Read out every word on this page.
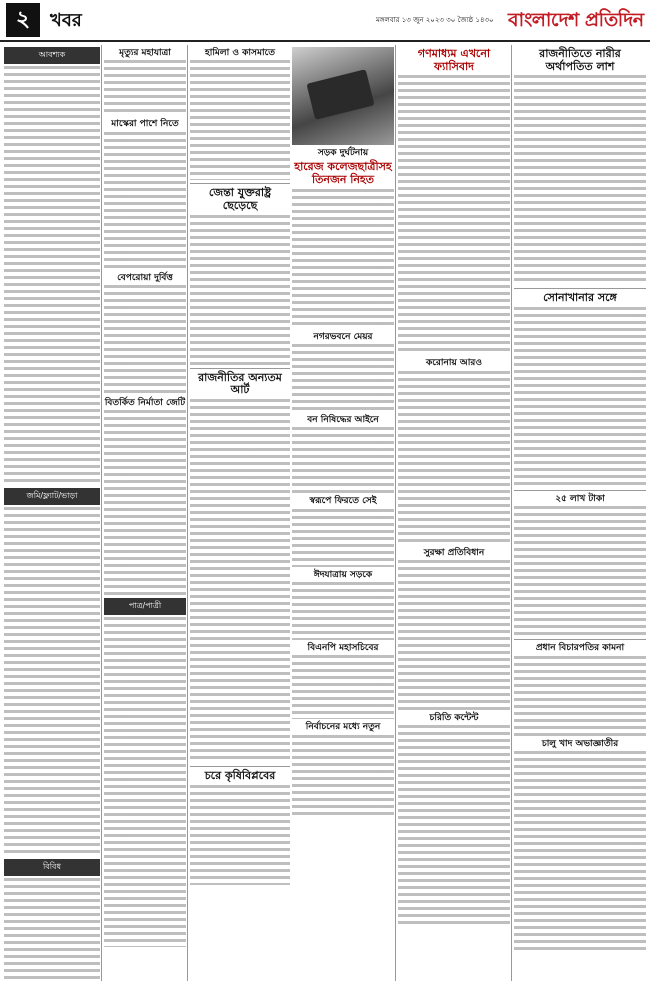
২	খবর	মঙ্গলবার ১৩ জুন ২০২৩ ৩০ জ্যৈষ্ঠ ১৪৩০ বাংলাদেশ প্রতিদিন
আবশ্যক
জমি/ফ্ল্যাট/ভাড়া
বিবিধ
মৃত্যুর মহাযাত্রা
মাস্কেরা পাশে নিতে
বেপরোয়া দুর্বিত্ত
বিতর্কিত নির্মাতা জেটি
পাত্র/পাত্রী
হামিলা ও কাসমাতে
জেন্তা যুক্তরাষ্ট্র ছেড়েছে
রাজনীতির অন্যতম আর্ট
চরে কৃষিবিপ্লবের
সড়ক দুর্ঘটনায়
হারেজ কলেজছাত্রীসহ তিনজন নিহত
নগরভবনে মেয়র
বন নিষিদ্ধের আইনে
স্বরূপে ফিরতে সেই
ঈদযাত্রায় সড়কে
বিএনপি মহাসচিবের
নির্বাচনের মধ্যে নতুন
গণমাধ্যম এখনো ফ্যাসিবাদ
করোনায় আরও
সুরক্ষা প্রতিবিধান
চরিতি কন্টেন্ট
রাজনীতিতে নারীর অর্থাপতিত লাশ
সোনাখানার সঙ্গে
২৫ লাখ টাকা
প্রধান বিচারপতির কামনা
চালু খাদ অভাজ্ঞাতীর
